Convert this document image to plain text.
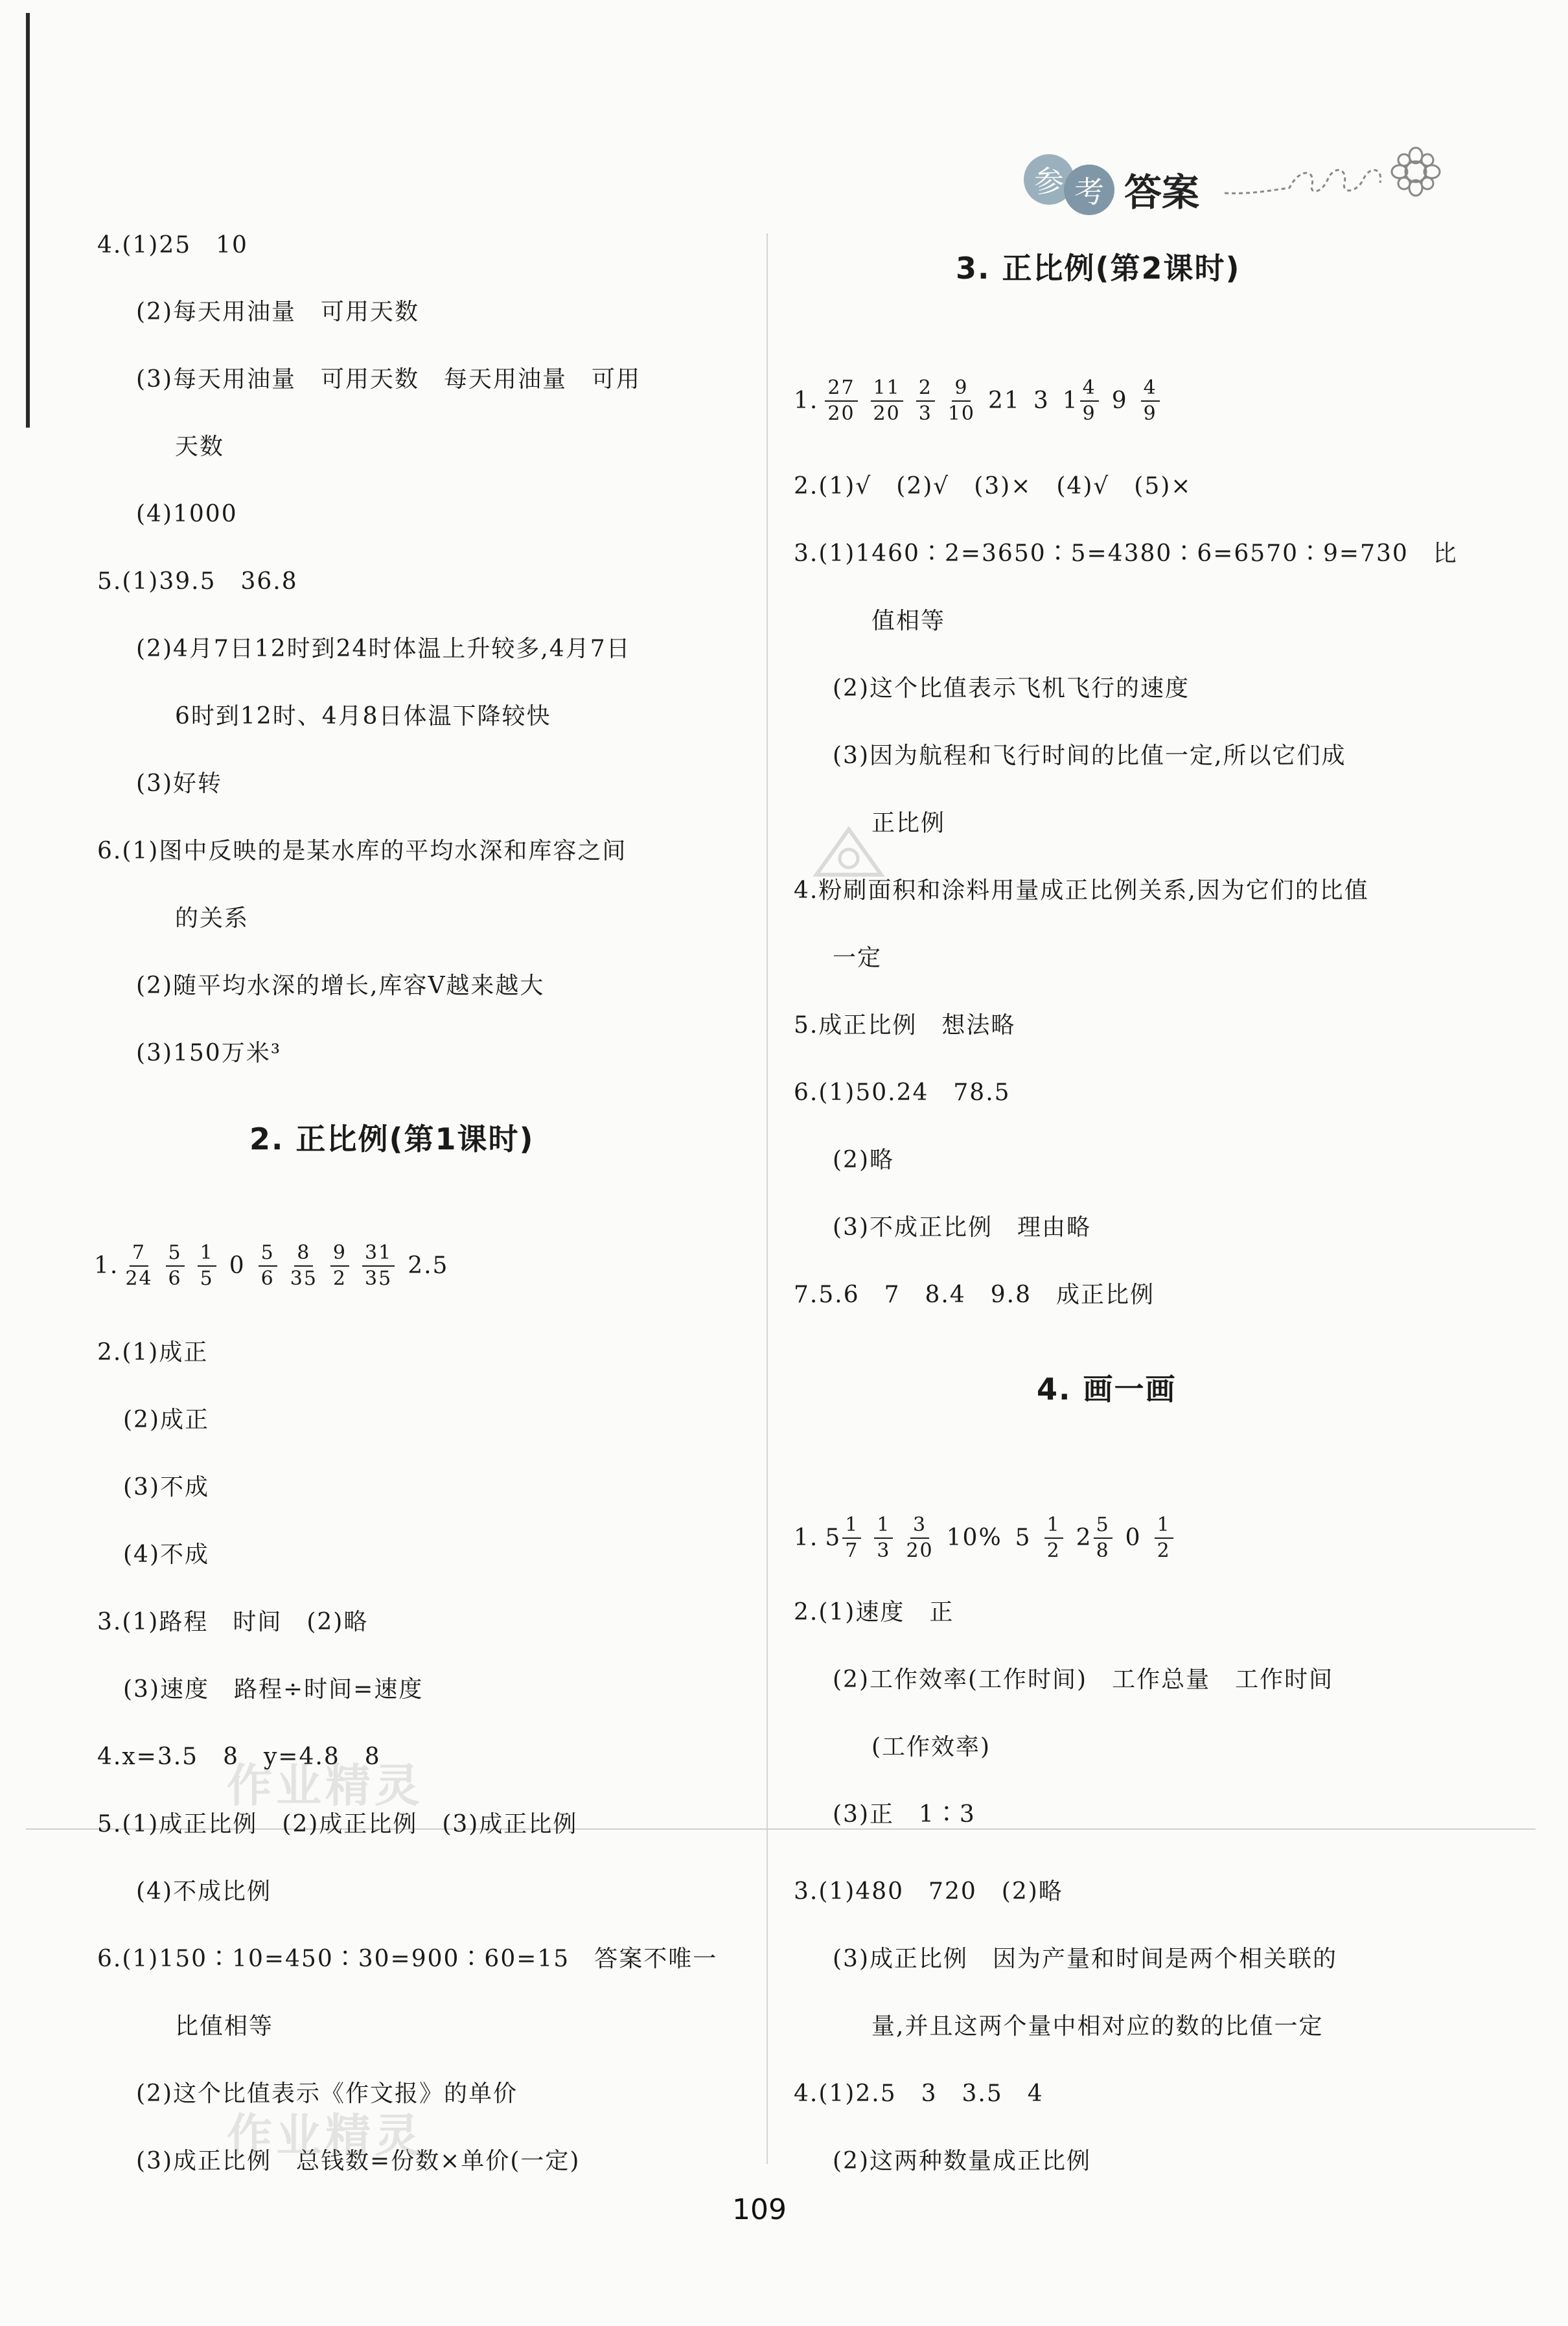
参 考 答案
4.(1)25　10
(2)每天用油量　可用天数
(3)每天用油量　可用天数　每天用油量　可用
天数
(4)1000
5.(1)39.5　36.8
(2)4月7日12时到24时体温上升较多,4月7日
6时到12时、4月8日体温下降较快
(3)好转
6.(1)图中反映的是某水库的平均水深和库容之间
的关系
(2)随平均水深的增长,库容V越来越大
(3)150万米³
2. 正比例(第1课时)
1. $\frac{7}{24} \frac{5}{6} \frac{1}{5} 0 \frac{5}{6} \frac{8}{35} \frac{9}{2} \frac{31}{35} 2.5$
2.(1)成正
(2)成正
(3)不成
(4)不成
3.(1)路程　时间　(2)略
(3)速度　路程÷时间=速度
4.x=3.5　8　y=4.8　8
5.(1)成正比例　(2)成正比例　(3)成正比例
(4)不成比例
6.(1)150∶10=450∶30=900∶60=15　答案不唯一
比值相等
(2)这个比值表示《作文报》的单价
(3)成正比例　总钱数=份数×单价(一定)
3. 正比例(第2课时)
1. $\frac{27}{20} \frac{11}{20} \frac{2}{3} \frac{9}{10} 21$ 3 $1 \frac{4}{9} 9 \frac{4}{9}$
2.(1)√　(2)√　(3)×　(4)√　(5)×
3.(1)1460∶2=3650∶5=4380∶6=6570∶9=730　比
值相等
(2)这个比值表示飞机飞行的速度
(3)因为航程和飞行时间的比值一定,所以它们成
正比例
4.粉刷面积和涂料用量成正比例关系,因为它们的比值
一定
5.成正比例　想法略
6.(1)50.24　78.5
(2)略
(3)不成正比例　理由略
7.5.6　7　8.4　9.8　成正比例
4. 画一画
1. $5 \frac{1}{7} \frac{1}{3} \frac{3}{20} 10\%$ $5 \frac{1}{2} 2 \frac{5}{8} 0 \frac{1}{2}$
2.(1)速度　正
(2)工作效率(工作时间)　工作总量　工作时间
(工作效率)
(3)正　1∶3
3.(1)480　720　(2)略
(3)成正比例　因为产量和时间是两个相关联的
量,并且这两个量中相对应的数的比值一定
4.(1)2.5　3　3.5　4
(2)这两种数量成正比例
作业精灵
作业精灵
109
